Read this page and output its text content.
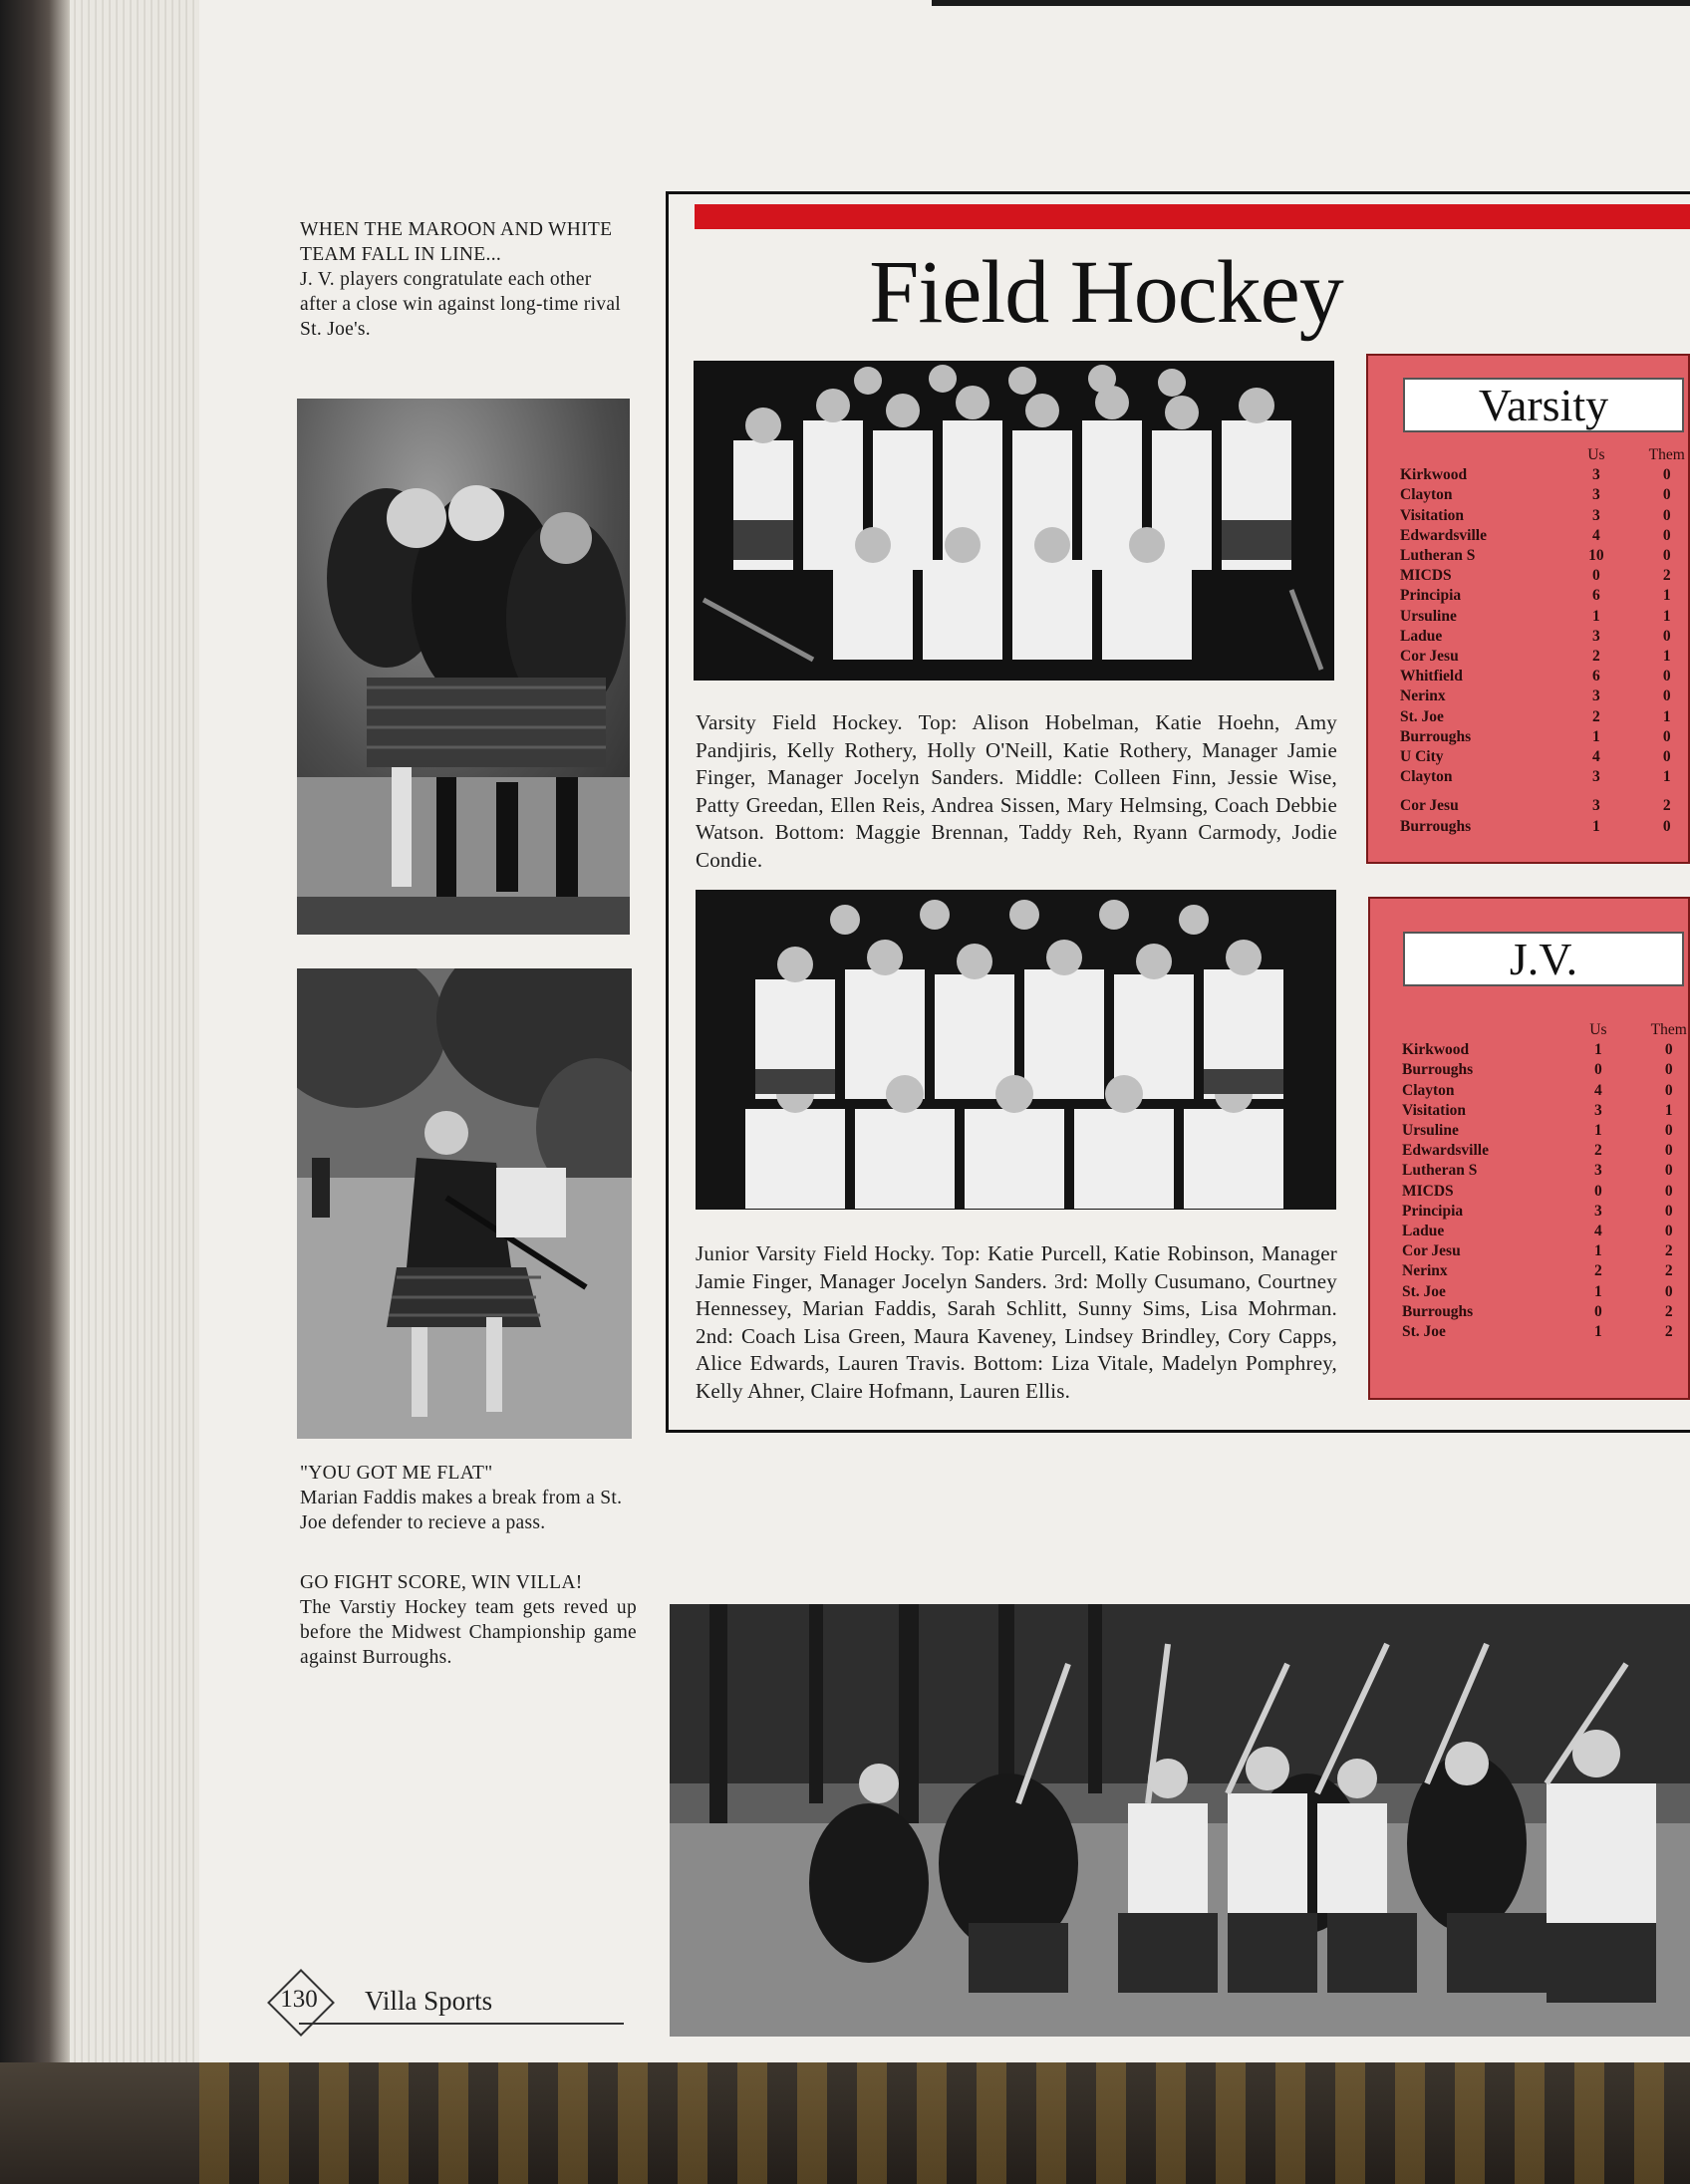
WHEN THE MAROON AND WHITE TEAM FALL IN LINE...
J. V. players congratulate each other after a close win against long-time rival St. Joe's.
"YOU GOT ME FLAT"
Marian Faddis makes a break from a St. Joe defender to recieve a pass.
GO FIGHT SCORE, WIN VILLA!
The Varstiy Hockey team gets reved up before the Midwest Championship game against Burroughs.
Field Hockey
Varsity Field Hockey. Top: Alison Hobelman, Katie Hoehn, Amy Pandjiris, Kelly Rothery, Holly O'Neill, Katie Rothery, Manager Jamie Finger, Manager Jocelyn Sanders. Middle: Colleen Finn, Jessie Wise, Patty Greedan, Ellen Reis, Andrea Sissen, Mary Helmsing, Coach Debbie Watson. Bottom: Maggie Brennan, Taddy Reh, Ryann Carmody, Jodie Condie.
Junior Varsity Field Hocky. Top: Katie Purcell, Katie Robinson, Manager Jamie Finger, Manager Jocelyn Sanders. 3rd: Molly Cusumano, Courtney Hennessey, Marian Faddis, Sarah Schlitt, Sunny Sims, Lisa Mohrman. 2nd: Coach Lisa Green, Maura Kaveney, Lindsey Brindley, Cory Capps, Alice Edwards, Lauren Travis. Bottom: Liza Vitale, Madelyn Pomphrey, Kelly Ahner, Claire Hofmann, Lauren Ellis.
Varsity
	Us	Them
Kirkwood	3	0
Clayton	3	0
Visitation	3	0
Edwardsville	4	0
Lutheran S	10	0
MICDS	0	2
Principia	6	1
Ursuline	1	1
Ladue	3	0
Cor Jesu	2	1
Whitfield	6	0
Nerinx	3	0
St. Joe	2	1
Burroughs	1	0
U City	4	0
Clayton	3	1
Cor Jesu	3	2
Burroughs	1	0
J.V.
	Us	Them
Kirkwood	1	0
Burroughs	0	0
Clayton	4	0
Visitation	3	1
Ursuline	1	0
Edwardsville	2	0
Lutheran S	3	0
MICDS	0	0
Principia	3	0
Ladue	4	0
Cor Jesu	1	2
Nerinx	2	2
St. Joe	1	0
Burroughs	0	2
St. Joe	1	2
130	Villa Sports
